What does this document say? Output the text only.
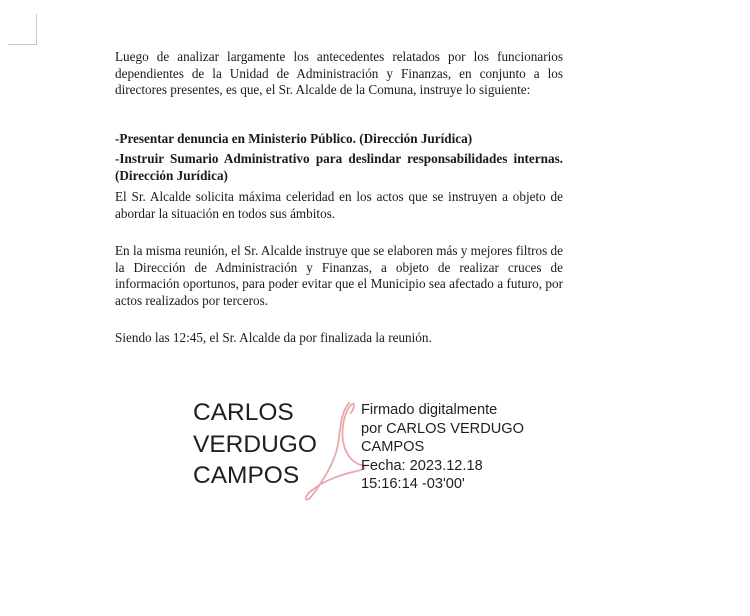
Luego de analizar largamente los antecedentes relatados por los funcionarios dependientes de la Unidad de Administración y Finanzas, en conjunto a los directores presentes, es que, el Sr. Alcalde de la Comuna, instruye lo siguiente:

-Presentar denuncia en Ministerio Público. (Dirección Jurídica)

-Instruir Sumario Administrativo para deslindar responsabilidades internas. (Dirección Jurídica)

El Sr. Alcalde solicita máxima celeridad en los actos que se instruyen a objeto de abordar la situación en todos sus ámbitos.

En la misma reunión, el Sr. Alcalde instruye que se elaboren más y mejores filtros de la Dirección de Administración y Finanzas, a objeto de realizar cruces de información oportunos, para poder evitar que el Municipio sea afectado a futuro, por actos realizados por terceros.

Siendo las 12:45, el Sr. Alcalde da por finalizada la reunión.

CARLOS
VERDUGO
CAMPOS
Firmado digitalmente
por CARLOS VERDUGO
CAMPOS
Fecha: 2023.12.18
15:16:14 -03'00'
